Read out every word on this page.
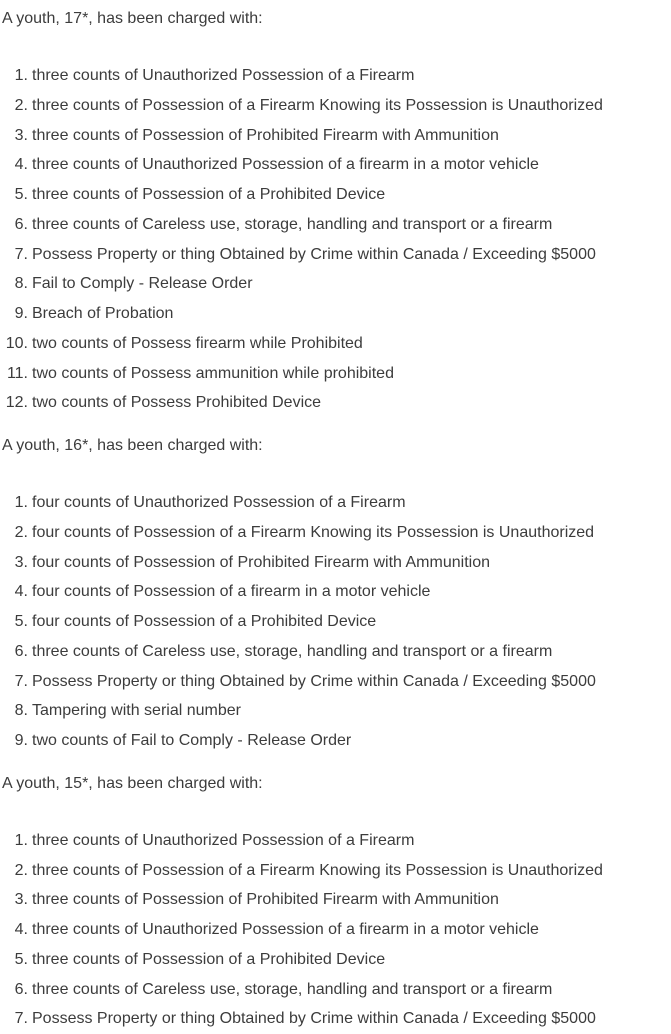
A youth, 17*, has been charged with:

1. three counts of Unauthorized Possession of a Firearm
2. three counts of Possession of a Firearm Knowing its Possession is Unauthorized
3. three counts of Possession of Prohibited Firearm with Ammunition
4. three counts of Unauthorized Possession of a firearm in a motor vehicle
5. three counts of Possession of a Prohibited Device
6. three counts of Careless use, storage, handling and transport or a firearm
7. Possess Property or thing Obtained by Crime within Canada / Exceeding $5000
8. Fail to Comply - Release Order
9. Breach of Probation
10. two counts of Possess firearm while Prohibited
11. two counts of Possess ammunition while prohibited
12. two counts of Possess Prohibited Device

A youth, 16*, has been charged with:

1. four counts of Unauthorized Possession of a Firearm
2. four counts of Possession of a Firearm Knowing its Possession is Unauthorized
3. four counts of Possession of Prohibited Firearm with Ammunition
4. four counts of Possession of a firearm in a motor vehicle
5. four counts of Possession of a Prohibited Device
6. three counts of Careless use, storage, handling and transport or a firearm
7. Possess Property or thing Obtained by Crime within Canada / Exceeding $5000
8. Tampering with serial number
9. two counts of Fail to Comply - Release Order

A youth, 15*, has been charged with:

1. three counts of Unauthorized Possession of a Firearm
2. three counts of Possession of a Firearm Knowing its Possession is Unauthorized
3. three counts of Possession of Prohibited Firearm with Ammunition
4. three counts of Unauthorized Possession of a firearm in a motor vehicle
5. three counts of Possession of a Prohibited Device
6. three counts of Careless use, storage, handling and transport or a firearm
7. Possess Property or thing Obtained by Crime within Canada / Exceeding $5000
